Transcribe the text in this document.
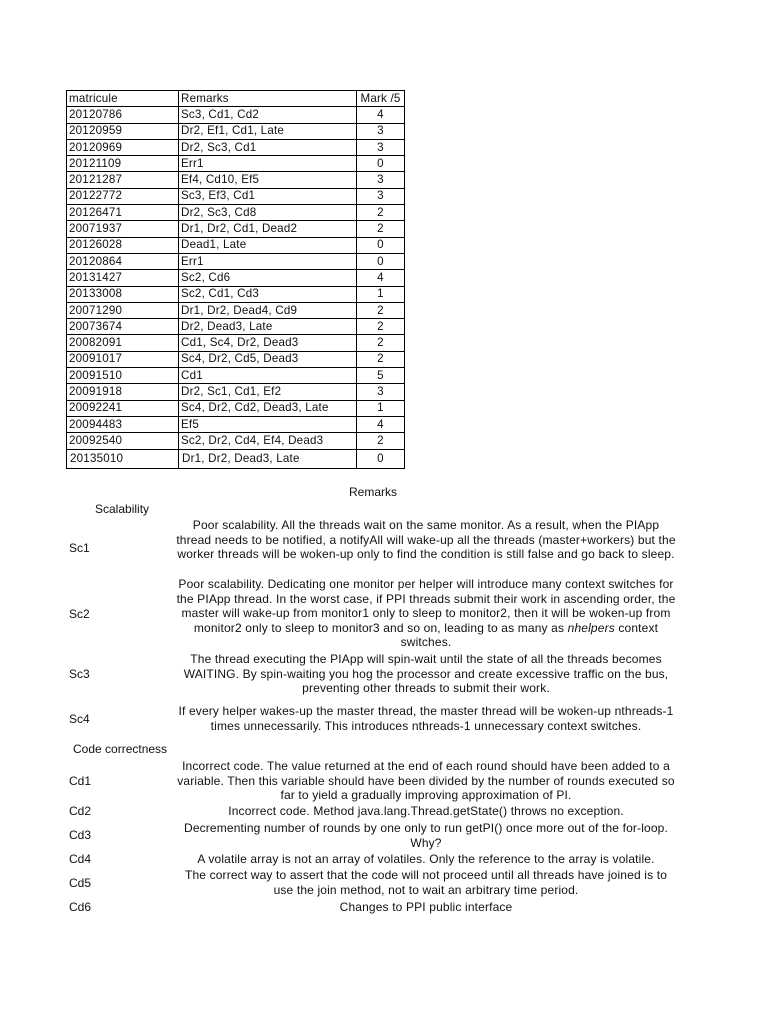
matricule	Remarks	Mark /5
20120786	Sc3, Cd1, Cd2	4
20120959	Dr2, Ef1, Cd1, Late	3
20120969	Dr2, Sc3, Cd1	3
20121109	Err1	0
20121287	Ef4, Cd10, Ef5	3
20122772	Sc3, Ef3, Cd1	3
20126471	Dr2, Sc3, Cd8	2
20071937	Dr1, Dr2, Cd1, Dead2	2
20126028	Dead1, Late	0
20120864	Err1	0
20131427	Sc2, Cd6	4
20133008	Sc2, Cd1, Cd3	1
20071290	Dr1, Dr2, Dead4, Cd9	2
20073674	Dr2, Dead3, Late	2
20082091	Cd1, Sc4, Dr2, Dead3	2
20091017	Sc4, Dr2, Cd5, Dead3	2
20091510	Cd1	5
20091918	Dr2, Sc1, Cd1, Ef2	3
20092241	Sc4, Dr2, Cd2, Dead3, Late	1
20094483	Ef5	4
20092540	Sc2, Dr2, Cd4, Ef4, Dead3	2
20135010	Dr1, Dr2, Dead3, Late	0
Remarks
Scalability
Sc1
Poor scalability. All the threads wait on the same monitor. As a result, when the PIApp thread needs to be notified, a notifyAll will wake-up all the threads (master+workers) but the worker threads will be woken-up only to find the condition is still false and go back to sleep.
Sc2
Poor scalability. Dedicating one monitor per helper will introduce many context switches for the PIApp thread. In the worst case, if PPI threads submit their work in ascending order, the master will wake-up from monitor1 only to sleep to monitor2, then it will be woken-up from monitor2 only to sleep to monitor3 and so on, leading to as many as nhelpers context switches.
Sc3
The thread executing the PIApp will spin-wait until the state of all the threads becomes WAITING. By spin-waiting you hog the processor and create excessive traffic on the bus, preventing other threads to submit their work.
Sc4
If every helper wakes-up the master thread, the master thread will be woken-up nthreads-1 times unnecessarily. This introduces nthreads-1 unnecessary context switches.
Code correctness
Cd1
Incorrect code. The value returned at the end of each round should have been added to a variable. Then this variable should have been divided by the number of rounds executed so far to yield a gradually improving approximation of PI.
Cd2	Incorrect code. Method java.lang.Thread.getState() throws no exception.
Cd3	Decrementing number of rounds by one only to run getPI() once more out of the for-loop. Why?
Cd4	A volatile array is not an array of volatiles. Only the reference to the array is volatile.
Cd5
The correct way to assert that the code will not proceed until all threads have joined is to use the join method, not to wait an arbitrary time period.
Cd6	Changes to PPI public interface
